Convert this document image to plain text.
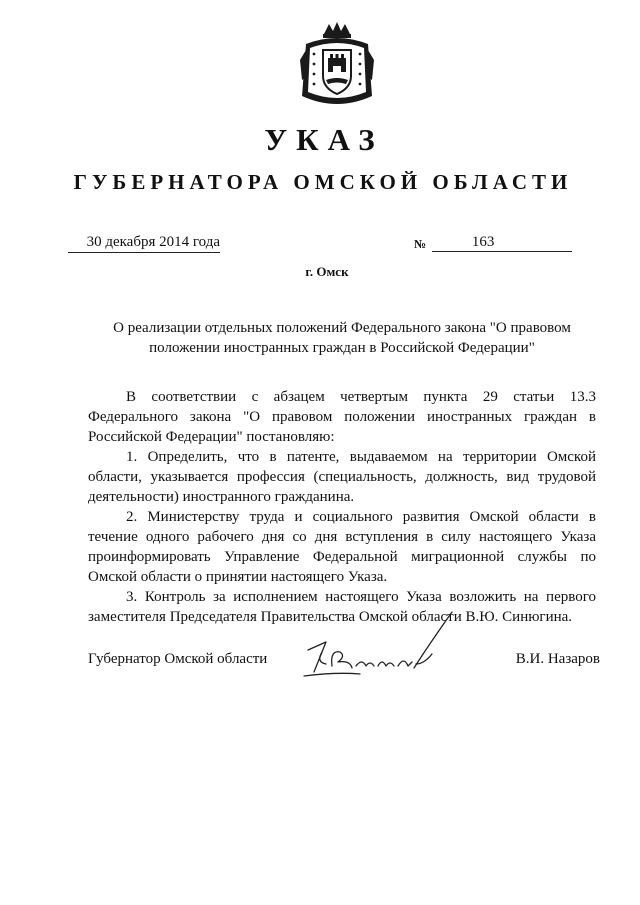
УКАЗ
ГУБЕРНАТОРА ОМСКОЙ ОБЛАСТИ
30 декабря 2014 года	№	163
г. Омск
О реализации отдельных положений Федерального закона "О правовом положении иностранных граждан в Российской Федерации"

В соответствии с абзацем четвертым пункта 29 статьи 13.3 Федерального закона "О правовом положении иностранных граждан в Российской Федерации" постановляю:

1. Определить, что в патенте, выдаваемом на территории Омской области, указывается профессия (специальность, должность, вид трудовой деятельности) иностранного гражданина.

2. Министерству труда и социального развития Омской области в течение одного рабочего дня со дня вступления в силу настоящего Указа проинформировать Управление Федеральной миграционной службы по Омской области о принятии настоящего Указа.

3. Контроль за исполнением настоящего Указа возложить на первого заместителя Председателя Правительства Омской области В.Ю. Синюгина.

Губернатор Омской области	В.И. Назаров
